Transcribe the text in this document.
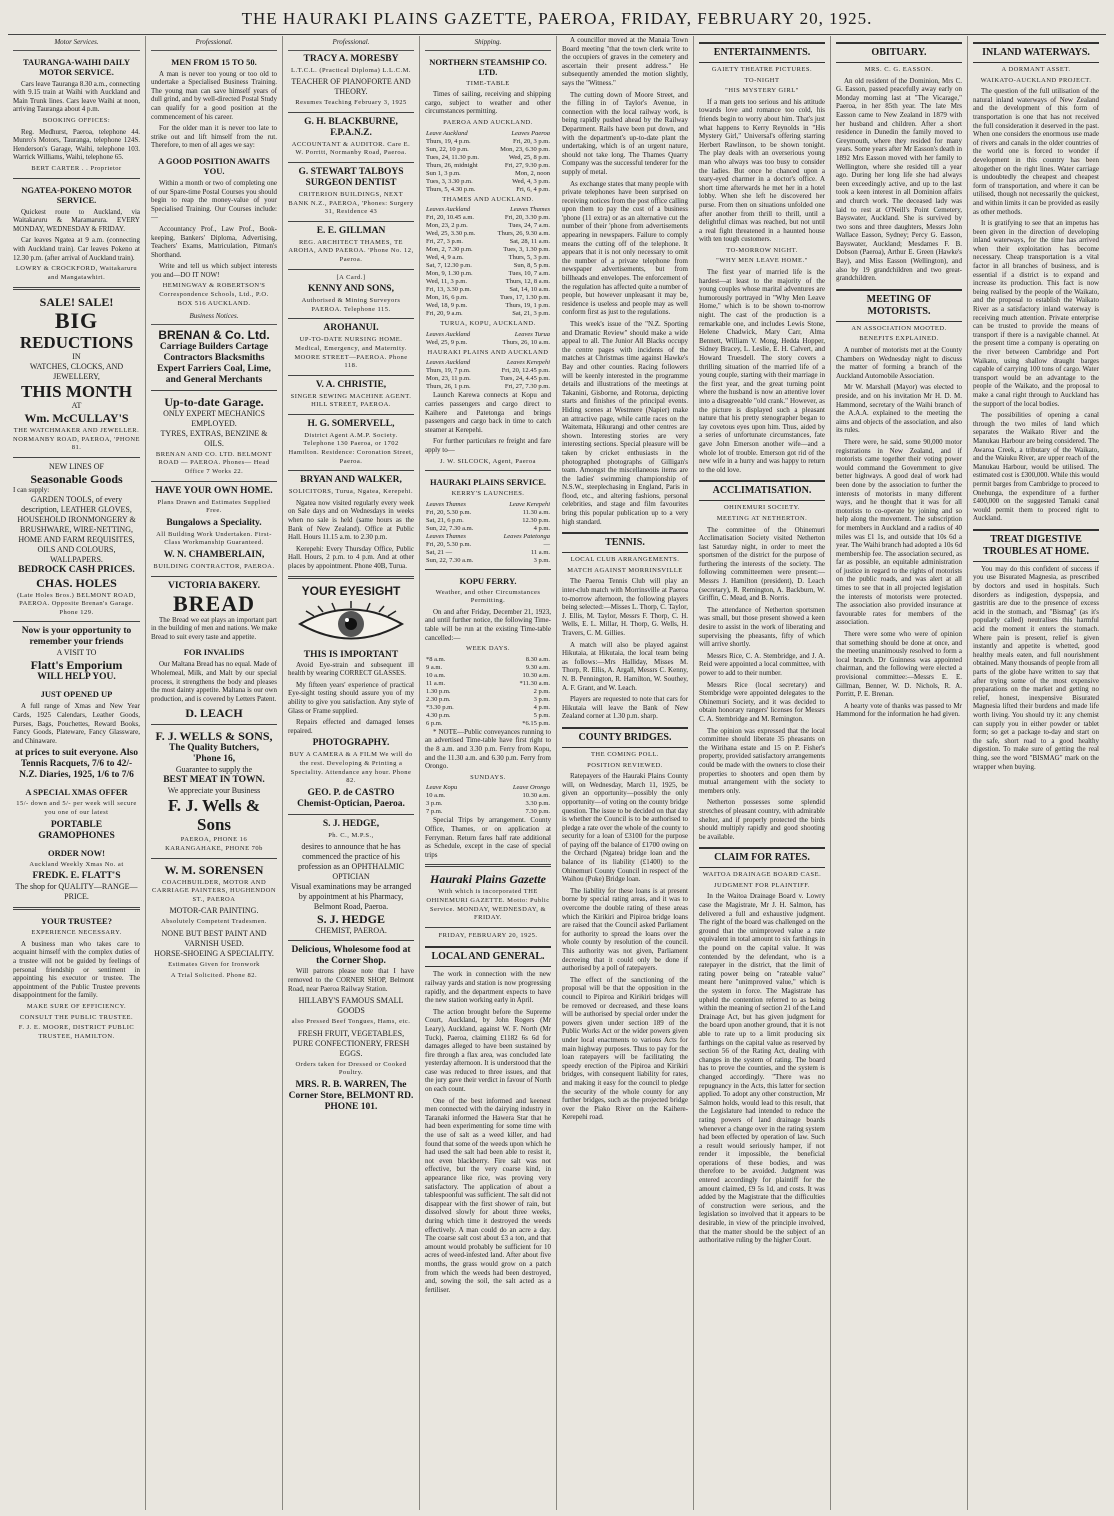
THE HAURAKI PLAINS GAZETTE, PAEROA, FRIDAY, FEBRUARY 20, 1925.
Motor Services.
TAURANGA-WAIHI DAILY MOTOR SERVICE.

Cars leave Tauranga 8.30 a.m., connecting with 9.15 train at Waihi with Auckland and Main Trunk lines. Cars leave Waihi at noon, arriving Tauranga about 4 p.m.

BOOKING OFFICES:

Reg. Medhurst, Paeroa, telephone 44. Munro's Motors, Tauranga, telephone 124S. Henderson's Garage, Waihi, telephone 103. Warrick Williams, Waihi, telephone 65.

BERT CARTER . . Proprietor
NGATEA-POKENO MOTOR SERVICE.

Quickest route to Auckland, via Waitakaruru & Maramarura. EVERY MONDAY, WEDNESDAY & FRIDAY.

Car leaves Ngatea at 9 a.m. (connecting with Auckland train). Car leaves Pokeno at 12.30 p.m. (after arrival of Auckland train).

LOWRY & CROCKFORD, Waitakaruru and Mangatawhiri.
SALE! SALE!
BIG
REDUCTIONS
IN
WATCHES, CLOCKS, AND JEWELLERY,
THIS MONTH
AT
Wm. McCULLAY'S
THE WATCHMAKER AND JEWELLER. NORMANBY ROAD, PAEROA, 'PHONE 81.
NEW LINES OF
Seasonable Goods
I can supply:
GARDEN TOOLS, of every description, LEATHER GLOVES, HOUSEHOLD IRONMONGERY & BRUSHWARE, WIRE-NETTING, HOME AND FARM REQUISITES, OILS AND COLOURS, WALLPAPERS.
BEDROCK CASH PRICES.
CHAS. HOLES
(Late Holes Bros.) BELMONT ROAD, PAEROA. Opposite Brenan's Garage. Phone 129.
Now is your opportunity to remember your friends
A VISIT TO
Flatt's Emporium
WILL HELP YOU.
JUST OPENED UP

A full range of Xmas and New Year Cards, 1925 Calendars, Leather Goods, Purses, Bags, Pouchettes, Reward Books, Fancy Goods, Plateware, Fancy Glassware, and Chinaware.

at prices to suit everyone. Also
Tennis Racquets, 7/6 to 42/- N.Z. Diaries, 1925, 1/6 to 7/6
A SPECIAL XMAS OFFER
15/- down and 5/- per week will secure you one of our latest
PORTABLE GRAMOPHONES
ORDER NOW!
Auckland Weekly Xmas No. at
FREDK. E. FLATT'S
The shop for QUALITY—RANGE—PRICE.
YOUR TRUSTEE?
EXPERIENCE NECESSARY.

A business man who takes care to acquaint himself with the complex duties of a trustee will not be guided by feelings of personal friendship or sentiment in appointing his executor or trustee. The appointment of the Public Trustee prevents disappointment for the family.

MAKE SURE OF EFFICIENCY.
CONSULT THE PUBLIC TRUSTEE.
F. J. E. MOORE, DISTRICT PUBLIC TRUSTEE, HAMILTON.
Professional.
MEN FROM 15 TO 50.

A man is never too young or too old to undertake a Specialised Business Training. The young man can save himself years of dull grind, and by well-directed Postal Study can qualify for a good position at the commencement of his career.

For the older man it is never too late to strike out and lift himself from the rut. Therefore, to men of all ages we say:

A GOOD POSITION AWAITS YOU.

Within a month or two of completing one of our Spare-time Postal Courses you should begin to reap the money-value of your Specialised Training. Our Courses include:—

Accountancy Prof., Law Prof., Book-keeping, Bankers' Diploma, Advertising, Teachers' Exams, Matriculation, Pitman's Shorthand.

Write and tell us which subject interests you and—DO IT NOW!

HEMINGWAY & ROBERTSON'S Correspondence Schools, Ltd., P.O. BOX 516 AUCKLAND.
Business Notices.
BRENAN & Co. Ltd.
Carriage Builders Cartage Contractors Blacksmiths Expert Farriers Coal, Lime, and General Merchants
Up-to-date Garage.
ONLY EXPERT MECHANICS EMPLOYED.
TYRES, EXTRAS, BENZINE & OILS.
BRENAN AND CO. LTD. BELMONT ROAD — PAEROA. Phones— Head Office 7 Works 22.
HAVE YOUR OWN HOME.
Plans Drawn and Estimates Supplied Free.
Bungalows a Speciality.
All Building Work Undertaken. First-Class Workmanship Guaranteed.
W. N. CHAMBERLAIN,
BUILDING CONTRACTOR, PAEROA.
VICTORIA BAKERY.
BREAD

The Bread we eat plays an important part in the building of men and nations. We make Bread to suit every taste and appetite.

FOR INVALIDS

Our Maltana Bread has no equal. Made of Wholemeal, Milk, and Malt by our special process, it strengthens the body and pleases the most dainty appetite. Maltana is our own production, and is covered by Letters Patent.

D. LEACH
F. J. WELLS & SONS,
The Quality Butchers,
'Phone 16,
Guarantee to supply the
BEST MEAT IN TOWN.
We appreciate your Business
F. J. Wells & Sons
PAEROA, PHONE 16 KARANGAHAKE, PHONE 70b
W. M. SORENSEN
COACHBUILDER, MOTOR AND CARRIAGE PAINTERS, HUGHENDON ST., PAEROA
MOTOR-CAR PAINTING.
Absolutely Competent Tradesmen.
NONE BUT BEST PAINT AND VARNISH USED.
HORSE-SHOEING A SPECIALITY.
Estimates Given for Ironwork
A Trial Solicited. Phone 82.
Professional.
TRACY A. MORESBY
L.T.C.L. (Practical Diploma) L.L.C.M.
TEACHER OF PIANOFORTE AND THEORY.
Resumes Teaching February 3, 1925
G. H. BLACKBURNE, F.P.A.N.Z.
ACCOUNTANT & AUDITOR. Care E. W. Porritt, Normanby Road, Paeroa.
G. STEWART TALBOYS SURGEON DENTIST
CRITERION BUILDINGS, NEXT BANK N.Z., PAEROA, 'Phones: Surgery 31, Residence 43
E. E. GILLMAN
REG. ARCHITECT THAMES, TE AROHA, AND PAEROA. 'Phone No. 12, Paeroa.
[A Card.]
KENNY AND SONS,
Authorised & Mining Surveyors PAEROA. Telephone 115.
AROHANUI.
UP-TO-DATE NURSING HOME. Medical, Emergency, and Maternity. MOORE STREET—PAEROA. Phone 118.
V. A. CHRISTIE,
SINGER SEWING MACHINE AGENT. HILL STREET, PAEROA.
H. G. SOMERVELL,
District Agent A.M.P. Society. Telephone 130 Paeroa, or 1702 Hamilton. Residence: Coronation Street, Paeroa.
BRYAN AND WALKER,
SOLICITORS, Turua, Ngatea, Kerepehi.

Ngatea now visited regularly every week on Sale days and on Wednesdays in weeks when no sale is held (same hours as the Bank of New Zealand). Office at Public Hall. Hours 11.15 a.m. to 2.30 p.m.

Kerepehi: Every Thursday Office, Public Hall. Hours, 2 p.m. to 4 p.m. And at other places by appointment. Phone 40B, Turua.

YOUR EYESIGHT
THIS IS IMPORTANT

Avoid Eye-strain and subsequent ill health by wearing CORRECT GLASSES.

My fifteen years' experience of practical Eye-sight testing should assure you of my ability to give you satisfaction. Any style of Glass or Frame supplied.

Repairs effected and damaged lenses repaired.

PHOTOGRAPHY.
BUY A CAMERA & A FILM We will do the rest. Developing & Printing a Speciality. Attendance any hour. Phone 82.
GEO. P. de CASTRO Chemist-Optician, Paeroa.
S. J. HEDGE,
Ph. C., M.P.S.,
desires to announce that he has commenced the practice of his profession as an OPHTHALMIC OPTICIAN
Visual examinations may be arranged by appointment at his Pharmacy, Belmont Road, Paeroa.
S. J. HEDGE
CHEMIST, PAEROA.
Delicious, Wholesome food at the Corner Shop.

Will patrons please note that I have removed to the CORNER SHOP, Belmont Road, near Paeroa Railway Station.

HILLABY'S FAMOUS SMALL GOODS
also Pressed Beef Tongues, Hams, etc.
FRESH FRUIT, VEGETABLES, PURE CONFECTIONERY, FRESH EGGS.
Orders taken for Dressed or Cooked Poultry.
MRS. R. B. WARREN, The Corner Store, BELMONT RD. PHONE 101.
Shipping.
NORTHERN STEAMSHIP CO. LTD.
TIME-TABLE

Times of sailing, receiving and shipping cargo, subject to weather and other circumstances permitting.

PAEROA AND AUCKLAND.
Leave Auckland	Leaves Paeroa
Thurs, 19, 4 p.m.	Fri, 20, 3 p.m.
Sun, 22, 10 p.m.	Mon, 23, 6.30 p.m.
Tues, 24, 11.30 p.m.	Wed, 25, 8 p.m.
Thurs, 26, midnight	Fri, 27, 9.30 p.m.
Sun 1, 3 p.m.	Mon, 2, noon
Tues, 3, 3.30 p.m.	Wed, 4, 3 p.m.
Thurs, 5, 4.30 p.m.	Fri, 6, 4 p.m.
THAMES AND AUCKLAND.
Leaves Auckland	Leaves Thames
Fri, 20, 10.45 a.m.	Fri, 20, 3.30 p.m.
Mon, 23, 2 p.m.	Tues, 24, 7 a.m.
Wed, 25, 3.30 p.m.	Thurs, 26, 9.30 a.m.
Fri, 27, 3 p.m.	Sat, 28, 11 a.m.
Mon, 2, 7.30 p.m.	Tues, 3, 1.30 p.m.
Wed, 4, 9 a.m.	Thurs, 5, 3 p.m.
Sat, 7, 12.30 p.m.	Sun, 8, 5 p.m.
Mon, 9, 1.30 p.m.	Tues, 10, 7 a.m.
Wed, 11, 3 p.m.	Thurs, 12, 8 a.m.
Fri, 13, 3.30 p.m.	Sat, 14, 10 a.m.
Mon, 16, 6 p.m.	Tues, 17, 1.30 p.m.
Wed, 18, 9 p.m.	Thurs, 19, 1 p.m.
Fri, 20, 9 a.m.	Sat, 21, 3 p.m.
TURUA, KOPU, AUCKLAND.
Leaves Auckland	Leaves Turua
Wed, 25, 9 p.m.	Thurs, 26, 10 a.m.
HAURAKI PLAINS AND AUCKLAND
Leaves Auckland	Leaves Kerepehi
Thurs, 19, 7 p.m.	Fri, 20, 12.45 p.m.
Mon, 23, 11 p.m.	Tues, 24, 4.45 p.m.
Thurs, 26, 1 p.m.	Fri, 27, 7.30 p.m.

Launch Karewa connects at Kopu and carries passengers and cargo direct to Kaihere and Patetonga and brings passengers and cargo back in time to catch steamer at Kerepehi.

For further particulars re freight and fare apply to—

J. W. SILCOCK, Agent, Paeroa
HAURAKI PLAINS SERVICE.
KERRY'S LAUNCHES.
Leaves Thames	Leave Kerepehi
Fri, 20, 5.30 p.m.	11.30 a.m.
Sat, 21, 6 p.m.	12.30 p.m.
Sun, 22, 7.30 a.m.	4 p.m.
Leaves Thames	Leaves Patetonga
Fri, 20, 5.30 p.m.	—
Sat, 21 —	11 a.m.
Sun, 22, 7.30 a.m.	3 p.m.
KOPU FERRY.
Weather, and other Circumstances Permitting.

On and after Friday, December 21, 1923, and until further notice, the following Time-table will be run at the existing Time-table cancelled:—

WEEK DAYS.
*8 a.m.	8.30 a.m.
9 a.m.	9.30 a.m.
10 a.m.	10.30 a.m.
11 a.m.	*11.30 a.m.
1.30 p.m.	2 p.m.
2.30 p.m.	3 p.m.
*3.30 p.m.	4 p.m.
4.30 p.m.	5 p.m.
6 p.m.	*6.15 p.m.

* NOTE—Public conveyances running to an advertised Time-table have first right to the 8 a.m. and 3.30 p.m. Ferry from Kopu, and the 11.30 a.m. and 6.30 p.m. Ferry from Orongo.

SUNDAYS.
Leave Kopu	Leave Orongo
10 a.m.	10.30 a.m.
3 p.m.	3.30 p.m.
7 p.m.	7.30 p.m.

Special Trips by arrangement. County Office, Thames, or on application at Ferryman. Return fares half rate additional as Schedule, except in the case of special trips

Hauraki Plains Gazette
With which is incorporated THE OHINEMURI GAZETTE. Motto: Public Service. MONDAY, WEDNESDAY, & FRIDAY.
FRIDAY, FEBRUARY 20, 1925.
LOCAL AND GENERAL.

The work in connection with the new railway yards and station is now progressing rapidly, and the department expects to have the new station working early in April.

The action brought before the Supreme Court, Auckland, by John Rogers (Mr Leary), Auckland, against W. F. North (Mr Tuck), Paeroa, claiming £1182 6s 6d for damages alleged to have been sustained by fire through a flax area, was concluded late yesterday afternoon. It is understood that the case was reduced to three issues, and that the jury gave their verdict in favour of North on each count.

One of the best informed and keenest men connected with the dairying industry in Taranaki informed the Hawera Star that he had been experimenting for some time with the use of salt as a weed killer, and had found that some of the weeds upon which he had used the salt had been able to resist it, not even blackberry. Fire salt was not effective, but the very coarse kind, in appearance like rice, was proving very satisfactory. The application of about a tablespoonful was sufficient. The salt did not disappear with the first shower of rain, but dissolved slowly for about three weeks, during which time it destroyed the weeds effectively. A man could do an acre a day. The coarse salt cost about £3 a ton, and that amount would probably be sufficient for 10 acres of weed-infested land. After about five months, the grass would grow on a patch from which the weeds had been destroyed, and, sowing the soil, the salt acted as a fertiliser.

A councillor moved at the Manaia Town Board meeting "that the town clerk write to the occupiers of graves in the cemetery and ascertain their present address." He subsequently amended the motion slightly, says the "Witness."

The cutting down of Moore Street, and the filling in of Taylor's Avenue, in connection with the local railway work, is being rapidly pushed ahead by the Railway Department. Rails have been put down, and with the department's up-to-date plant the undertaking, which is of an urgent nature, should not take long. The Thames Quarry Company was the successful tenderer for the supply of metal.

As exchange states that many people with private telephones have been surprised on receiving notices from the post office calling upon them to pay the cost of a business 'phone (11 extra) or as an alternative cut the number of their 'phone from advertisements appearing in newspapers. Failure to comply means the cutting off of the telephone. It appears that it is not only necessary to omit the number of a private telephone from newspaper advertisements, but from billheads and envelopes. The enforcement of the regulation has affected quite a number of people, but however unpleasant it may be, residence is useless and people may as well conform first as just to the regulations.

This week's issue of the "N.Z. Sporting and Dramatic Review" should make a wide appeal to all. The Junior All Blacks occupy the centre pages with incidents of the matches at Christmas time against Hawke's Bay and other counties. Racing followers will be keenly interested in the programme details and illustrations of the meetings at Takanini, Gisborne, and Rotorua, depicting starts and finishes of the principal events. Hiding scenes at Westmere (Napier) make an attractive page, while cattle races on the Waitemata, Hikurangi and other centres are shown. Interesting stories are very interesting sections. Special pleasure will be taken by cricket enthusiasts in the photographed photographs of Gilligan's team. Amongst the miscellaneous items are the ladies' swimming championship of N.S.W., steeplechasing in England, Paris in flood, etc., and altering fashions, personal celebrities, and stage and film favourites bring this popular publication up to a very high standard.

TENNIS.
LOCAL CLUB ARRANGEMENTS.
MATCH AGAINST MORRINSVILLE

The Paeroa Tennis Club will play an inter-club match with Morrinsville at Paeroa to-morrow afternoon, the following players being selected:—Misses L. Thorp, C. Taylor, J. Ellis, M. Taylor, Messrs F. Thorp, C. H. Wells, E. L. Millar, H. Thorp, G. Wells, H. Travers, C. M. Gillies.

A match will also be played against Hikutaia, at Hikutaia, the local team being as follows:—Mrs Halliday, Misses M. Thorp, R. Ellis, A. Argall, Messrs C. Kenny, N. B. Pennington, R. Hamilton, W. Southey, A. F. Grant, and W. Leach.

Players are requested to note that cars for Hikutaia will leave the Bank of New Zealand corner at 1.30 p.m. sharp.

COUNTY BRIDGES.
THE COMING POLL.
POSITION REVIEWED.

Ratepayers of the Hauraki Plains County will, on Wednesday, March 11, 1925, be given an opportunity—possibly the only opportunity—of voting on the county bridge question. The issue to be decided on that day is whether the Council is to be authorised to pledge a rate over the whole of the county to security for a loan of £3100 for the purpose of paying off the balance of £1700 owing on the Orchard (Ngatea) bridge loan and the balance of its liability (£1400) to the Ohinemuri County Council in respect of the Waihou (Puke) Bridge loan.

The liability for these loans is at present borne by special rating areas, and it was to overcome the double rating of these areas which the Kirikiri and Pipiroa bridge loans are raised that the Council asked Parliament for authority to spread the loans over the whole county by resolution of the council. This authority was not given, Parliament decreeing that it could only be done if authorised by a poll of ratepayers.

The effect of the sanctioning of the proposal will be that the opposition in the council to Pipiroa and Kirikiri bridges will be removed or decreased, and these loans will be authorised by special order under the powers given under section 189 of the Public Works Act or the wider powers given under local enactments to various Acts for main highway purposes. Thus to pay for the loan ratepayers will be facilitating the speedy erection of the Pipiroa and Kirikiri bridges, with consequent liability for rates, and making it easy for the council to pledge the security of the whole county for any further bridges, such as the projected bridge over the Piako River on the Kaihere-Kerepehi road.

ENTERTAINMENTS.
GAIETY THEATRE PICTURES.
TO-NIGHT
"HIS MYSTERY GIRL"

If a man gets too serious and his attitude towards love and romance too cold, his friends begin to worry about him. That's just what happens to Kerry Reynolds in "His Mystery Girl," Universal's offering starring Herbert Rawlinson, to be shown tonight. The play deals with an overserious young man who always was too busy to consider the ladies. But once he chanced upon a teary-eyed charmer in a doctor's office. A short time afterwards he met her in a hotel lobby. When she left he discovered her purse. From then on situations unfolded one after another from thrill to thrill, until a delightful climax was reached, but not until a real fight threatened in a haunted house with ten tough customers.

TO-MORROW NIGHT.
"WHY MEN LEAVE HOME."

The first year of married life is the hardest—at least to the majority of the young couples whose marital adventures are humorously portrayed in "Why Men Leave Home," which is to be shown to-morrow night. The cast of the production is a remarkable one, and includes Lewis Stone, Helene Chadwick, Mary Carr, Alma Bennett, William V. Mong, Hedda Hopper, Sidney Bracey, L. Leslie, E. H. Calvert, and Howard Truesdell. The story covers a thrilling situation of the married life of a young couple, starting with their marriage in the first year, and the great turning point where the husband is now an attentive lover into a disagreeable "old crank." However, as the picture is displayed such a pleasant nature that his pretty stenographer began to lay covetous eyes upon him. Thus, aided by a series of unfortunate circumstances, fate gave John Emerson another wife—and a whole lot of trouble. Emerson got rid of the new wife in a hurry and was happy to return to the old love.

ACCLIMATISATION.
OHINEMURI SOCIETY.
MEETING AT NETHERTON.

The committee of the Ohinemuri Acclimatisation Society visited Netherton last Saturday night, in order to meet the sportsmen of the district for the purpose of furthering the interests of the society. The following committeemen were present:—Messrs J. Hamilton (president), D. Leach (secretary), R. Remington, A. Backburn, W. Griffin, C. Mead, and B. Norris.

The attendance of Netherton sportsmen was small, but those present showed a keen desire to assist in the work of liberating and supervising the pheasants, fifty of which will arrive shortly.

Messrs Rice, C. A. Stembridge, and J. A. Reid were appointed a local committee, with power to add to their number.

Messrs Rice (local secretary) and Stembridge were appointed delegates to the Ohinemuri Society, and it was decided to obtain honorary rangers' licenses for Messrs C. A. Stembridge and M. Remington.

The opinion was expressed that the local committee should liberate 35 pheasants on the Wirihana estate and 15 on P. Fisher's property, provided satisfactory arrangements could be made with the owners to close their properties to shooters and open them by mutual arrangement with the society to members only.

Netherton possesses some splendid stretches of pleasant country, with admirable shelter, and if properly protected the birds should multiply rapidly and good shooting be available.

CLAIM FOR RATES.
WAITOA DRAINAGE BOARD CASE.
JUDGMENT FOR PLAINTIFF.

In the Waitoa Drainage Board v. Lowry case the Magistrate, Mr J. H. Salmon, has delivered a full and exhaustive judgment. The right of the board was challenged on the ground that the unimproved value a rate equivalent in total amount to six farthings in the pound on the capital value. It was contended by the defendant, who is a ratepayer in the district, that the limit of rating power being on "rateable value" meant here "unimproved value," which is the system in force. The Magistrate has upheld the contention referred to as being within the meaning of section 21 of the Land Drainage Act, but has given judgment for the board upon another ground, that it is not able to rate up to a limit producing six farthings on the capital value as reserved by section 56 of the Rating Act, dealing with changes in the system of rating. The board has to prove the counties, and the system is changed accordingly. "There was no repugnancy in the Acts, this latter for section applied. To adopt any other construction, Mr Salmon holds, would lead to this result, that the Legislature had intended to reduce the rating powers of land drainage boards whenever a change over in the rating system had been effected by operation of law. Such a result would seriously hamper, if not render it impossible, the beneficial operations of these bodies, and was therefore to be avoided. Judgment was entered accordingly for plaintiff for the amount claimed, £9 5s 1d, and costs. It was added by the Magistrate that the difficulties of construction were serious, and the legislation so involved that it appears to be desirable, in view of the principle involved, that the matter should be the subject of an authoritative ruling by the higher Court.

OBITUARY.
MRS. C. G. EASSON.

An old resident of the Dominion, Mrs C. G. Easson, passed peacefully away early on Monday morning last at "The Vicarage," Paeroa, in her 85th year. The late Mrs Easson came to New Zealand in 1879 with her husband and children. After a short residence in Dunedin the family moved to Greymouth, where they resided for many years. Some years after Mr Easson's death in 1892 Mrs Easson moved with her family to Wellington, where she resided till a year ago. During her long life she had always been exceedingly active, and up to the last took a keen interest in all Dominion affairs and church work. The deceased lady was laid to rest at O'Neill's Point Cemetery, Bayswater, Auckland. She is survived by two sons and three daughters, Messrs John Wallace Easson, Sydney; Percy G. Easson, Bayswater, Auckland; Mesdames F. B. Dobson (Paeroa), Arthur E. Green (Hawke's Bay), and Miss Easson (Wellington), and also by 19 grandchildren and two great-grandchildren.

MEETING OF MOTORISTS.
AN ASSOCIATION MOOTED.
BENEFITS EXPLAINED.

A number of motorists met at the County Chambers on Wednesday night to discuss the matter of forming a branch of the Auckland Automobile Association.

Mr W. Marshall (Mayor) was elected to preside, and on his invitation Mr H. D. M. Hammond, secretary of the Waihi branch of the A.A.A. explained to the meeting the aims and objects of the association, and also its rules.

There were, he said, some 90,000 motor registrations in New Zealand, and if motorists came together their voting power would command the Government to give better highways. A good deal of work had been done by the association to further the interests of motorists in many different ways, and he thought that it was for all motorists to co-operate by joining and so help along the movement. The subscription for members in Auckland and a radius of 40 miles was £1 1s, and outside that 10s 6d a year. The Waihi branch had adopted a 10s 6d membership fee. The association secured, as far as possible, an equitable administration of justice in regard to the rights of motorists on the public roads, and was alert at all times to see that in all projected legislation the interests of motorists were protected. The association also provided insurance at favourable rates for members of the association.

There were some who were of opinion that something should be done at once, and the meeting unanimously resolved to form a local branch. Dr Guinness was appointed chairman, and the following were elected a provisional committee:—Messrs E. E. Gillman, Benner, W. D. Nichols, R. A. Porritt, P. E. Brenan.

A hearty vote of thanks was passed to Mr Hammond for the information he had given.

INLAND WATERWAYS.
A DORMANT ASSET.
WAIKATO-AUCKLAND PROJECT.

The question of the full utilisation of the natural inland waterways of New Zealand and the development of this form of transportation is one that has not received the full consideration it deserved in the past. When one considers the enormous use made of rivers and canals in the older countries of the world one is forced to wonder if development in this country has been altogether on the right lines. Water carriage is undoubtedly the cheapest and cheapest form of transportation, and where it can be utilised, though not necessarily the quickest, and within limits it can be provided as easily as other methods.

It is gratifying to see that an impetus has been given in the direction of developing inland waterways, for the time has arrived when their exploitation has become necessary. Cheap transportation is a vital factor in all branches of business, and is essential if a district is to expand and increase its production. This fact is now being realised by the people of the Waikato, and the proposal to establish the Waikato River as a satisfactory inland waterway is receiving much attention. Private enterprise can be trusted to provide the means of transport if there is a navigable channel. At the present time a company is operating on the river between Cambridge and Port Waikato, using shallow draught barges capable of carrying 100 tons of cargo. Water transport would be an advantage to the people of the Waikato, and the proposal to make a canal right through to Auckland has the support of the local bodies.

The possibilities of opening a canal through the two miles of land which separates the Waikato River and the Manukau Harbour are being considered. The Awaroa Creek, a tributary of the Waikato, and the Waiuku River, are upper reach of the Manukau Harbour, would be utilised. The estimated cost is £300,000. While this would permit barges from Cambridge to proceed to Onehunga, the expenditure of a further £400,000 on the suggested Tamaki canal would permit them to proceed right to Auckland.

TREAT DIGESTIVE TROUBLES AT HOME.

You may do this confident of success if you use Bisurated Magnesia, as prescribed by doctors and used in hospitals. Such disorders as indigestion, dyspepsia, and gastritis are due to the presence of excess acid in the stomach, and "Bismag" (as it's popularly called) neutralises this harmful acid the moment it enters the stomach. Where pain is present, relief is given instantly and appetite is whetted, good healthy meals eaten, and full nourishment obtained. Many thousands of people from all parts of the globe have written to say that after trying some of the most expensive preparations on the market and getting no relief, honest, inexpensive Bisurated Magnesia lifted their burdens and made life worth living. You should try it: any chemist can supply you in either powder or tablet form; so get a package to-day and start on the safe, short road to a good healthy digestion. To make sure of getting the real thing, see the word "BISMAG" mark on the wrapper when buying.
